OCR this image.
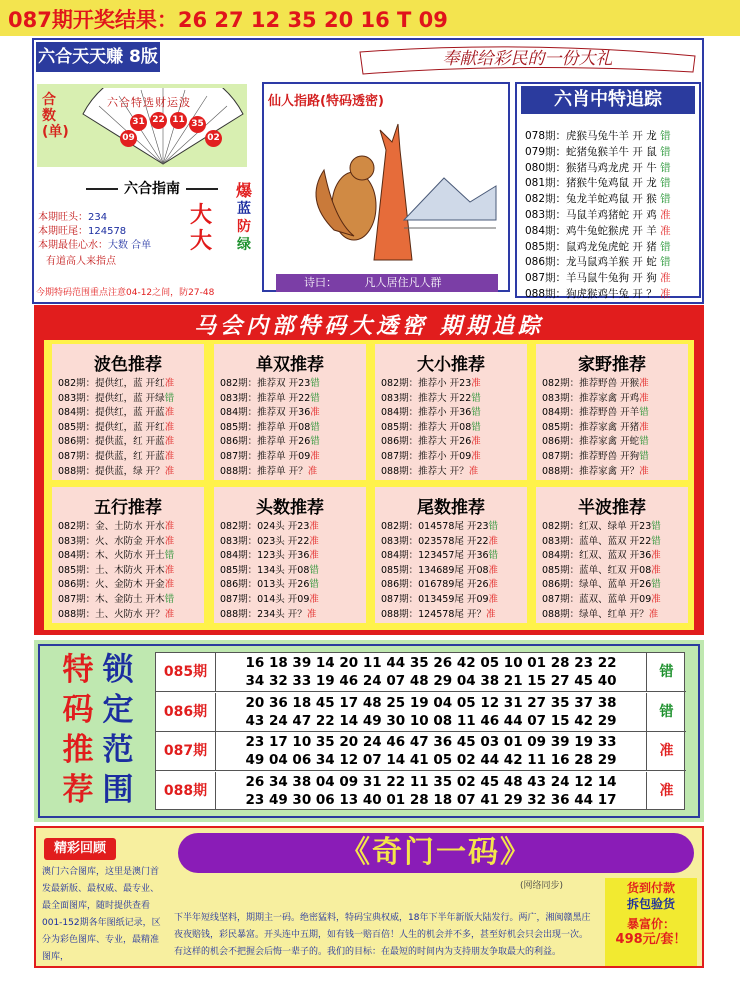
087期开奖结果：26 27 12 35 20 16 T 09
六合天天赚 8版	奉献给彩民的一份大礼
合数(单)
六合特选财运波
31 22 11 35
09	02
六合指南
本期旺头：234
本期旺尾：124578
本期最佳心水：大数 合单
有道高人来指点
大大
爆
蓝
防
绿
今期特码范围重点注意04-12之间，防27-48
仙人指路(特码透密)
诗曰：	凡人居住凡人群
六肖中特追踪
078期：虎猴马兔牛羊 开 龙 错
079期：蛇猪兔猴羊牛 开 鼠 错
080期：猴猪马鸡龙虎 开 牛 错
081期：猪猴牛兔鸡鼠 开 龙 错
082期：兔龙羊蛇鸡鼠 开 猴 错
083期：马鼠羊鸡猪蛇 开 鸡 准
084期：鸡牛兔蛇猴虎 开 羊 准
085期：鼠鸡龙兔虎蛇 开 猪 错
086期：龙马鼠鸡羊猴 开 蛇 错
087期：羊马鼠牛兔狗 开 狗 准
088期：狗虎猴鸡牛兔 开 ？ 准
马会内部特码大透密 期期追踪
波色推荐
082期：提供红，蓝 开红准
083期：提供红，蓝 开绿错
084期：提供红，蓝 开蓝准
085期：提供红，蓝 开红准
086期：提供蓝，红 开蓝准
087期：提供蓝，红 开蓝准
088期：提供蓝，绿 开？准
单双推荐
082期：推荐双 开23错
083期：推荐单 开22错
084期：推荐双 开36准
085期：推荐单 开08错
086期：推荐单 开26错
087期：推荐单 开09准
088期：推荐单 开？准
大小推荐
082期：推荐小 开23准
083期：推荐大 开22错
084期：推荐小 开36错
085期：推荐大 开08错
086期：推荐大 开26准
087期：推荐小 开09准
088期：推荐大 开？准
家野推荐
082期：推荐野兽 开猴准
083期：推荐家禽 开鸡准
084期：推荐野兽 开羊错
085期：推荐家禽 开猪准
086期：推荐家禽 开蛇错
087期：推荐野兽 开狗错
088期：推荐家禽 开？准
五行推荐
082期：金、土防水 开水准
083期：火、水防金 开水准
084期：木、火防水 开土错
085期：土、木防火 开木准
086期：火、金防木 开金准
087期：木、金防土 开木错
088期：土、火防水 开？准
头数推荐
082期：024头 开23准
083期：023头 开22准
084期：123头 开36准
085期：134头 开08错
086期：013头 开26错
087期：014头 开09准
088期：234头 开？准
尾数推荐
082期：014578尾 开23错
083期：023578尾 开22准
084期：123457尾 开36错
085期：134689尾 开08准
086期：016789尾 开26准
087期：013459尾 开09准
088期：124578尾 开？准
半波推荐
082期：红双、绿单 开23错
083期：蓝单、蓝双 开22错
084期：红双、蓝双 开36准
085期：蓝单、红双 开08准
086期：绿单、蓝单 开26错
087期：蓝双、蓝单 开09准
088期：绿单、红单 开？准
特
码
推
荐
锁
定
范
围
085期
16 18 39 14 20 11 44 35 26 42 05 10 01 28 23 22
34 32 33 19 46 24 07 48 29 04 38 21 15 27 45 40
错
086期
20 36 18 45 17 48 25 19 04 05 12 31 27 35 37 38
43 24 47 22 14 49 30 10 08 11 46 44 07 15 42 29
错
087期
23 17 10 35 20 24 46 47 36 45 03 01 09 39 19 33
49 04 06 34 12 07 14 41 05 02 44 42 11 16 28 29
准
088期
26 34 38 04 09 31 22 11 35 02 45 48 43 24 12 14
23 49 30 06 13 40 01 28 18 07 41 29 32 36 44 17
准
精彩回顾
澳门六合图库，这里是澳门首发最新版、最权威、最专业、最全面图库，随时提供查看001-152期各年图纸记录，区分为彩色图库、专业，最精准图库，
《奇门一码》
(网络同步)	货到付款
拆包验货
暴富价：
498元/套！
下半年短线坚料，期期主一码。绝密猛料，特码宝典权威，18年下半年新版大陆发行。两广，湘闽赣黑庄夜夜赔钱，彩民暴富。开头连中五期，如有钱一赔百倍！人生的机会并不多，甚至好机会只会出现一次。有这样的机会不把握会后悔一辈子的。我们的目标：在最短的时间内为支持朋友争取最大的利益。
